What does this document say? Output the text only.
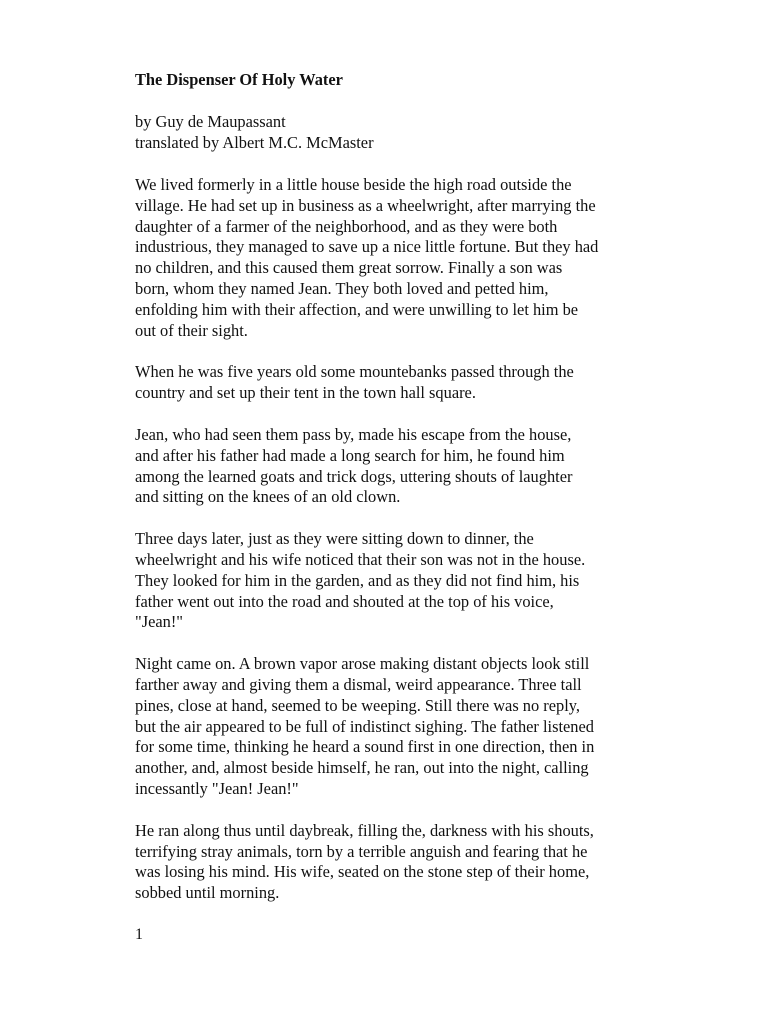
The Dispenser Of Holy Water
by Guy de Maupassant
translated by Albert M.C. McMaster
We lived formerly in a little house beside the high road outside the
village. He had set up in business as a wheelwright, after marrying the
daughter of a farmer of the neighborhood, and as they were both
industrious, they managed to save up a nice little fortune. But they had
no children, and this caused them great sorrow. Finally a son was
born, whom they named Jean. They both loved and petted him,
enfolding him with their affection, and were unwilling to let him be
out of their sight.
When he was five years old some mountebanks passed through the
country and set up their tent in the town hall square.
Jean, who had seen them pass by, made his escape from the house,
and after his father had made a long search for him, he found him
among the learned goats and trick dogs, uttering shouts of laughter
and sitting on the knees of an old clown.
Three days later, just as they were sitting down to dinner, the
wheelwright and his wife noticed that their son was not in the house.
They looked for him in the garden, and as they did not find him, his
father went out into the road and shouted at the top of his voice,
"Jean!"
Night came on. A brown vapor arose making distant objects look still
farther away and giving them a dismal, weird appearance. Three tall
pines, close at hand, seemed to be weeping. Still there was no reply,
but the air appeared to be full of indistinct sighing. The father listened
for some time, thinking he heard a sound first in one direction, then in
another, and, almost beside himself, he ran, out into the night, calling
incessantly "Jean! Jean!"
He ran along thus until daybreak, filling the, darkness with his shouts,
terrifying stray animals, torn by a terrible anguish and fearing that he
was losing his mind. His wife, seated on the stone step of their home,
sobbed until morning.
1
